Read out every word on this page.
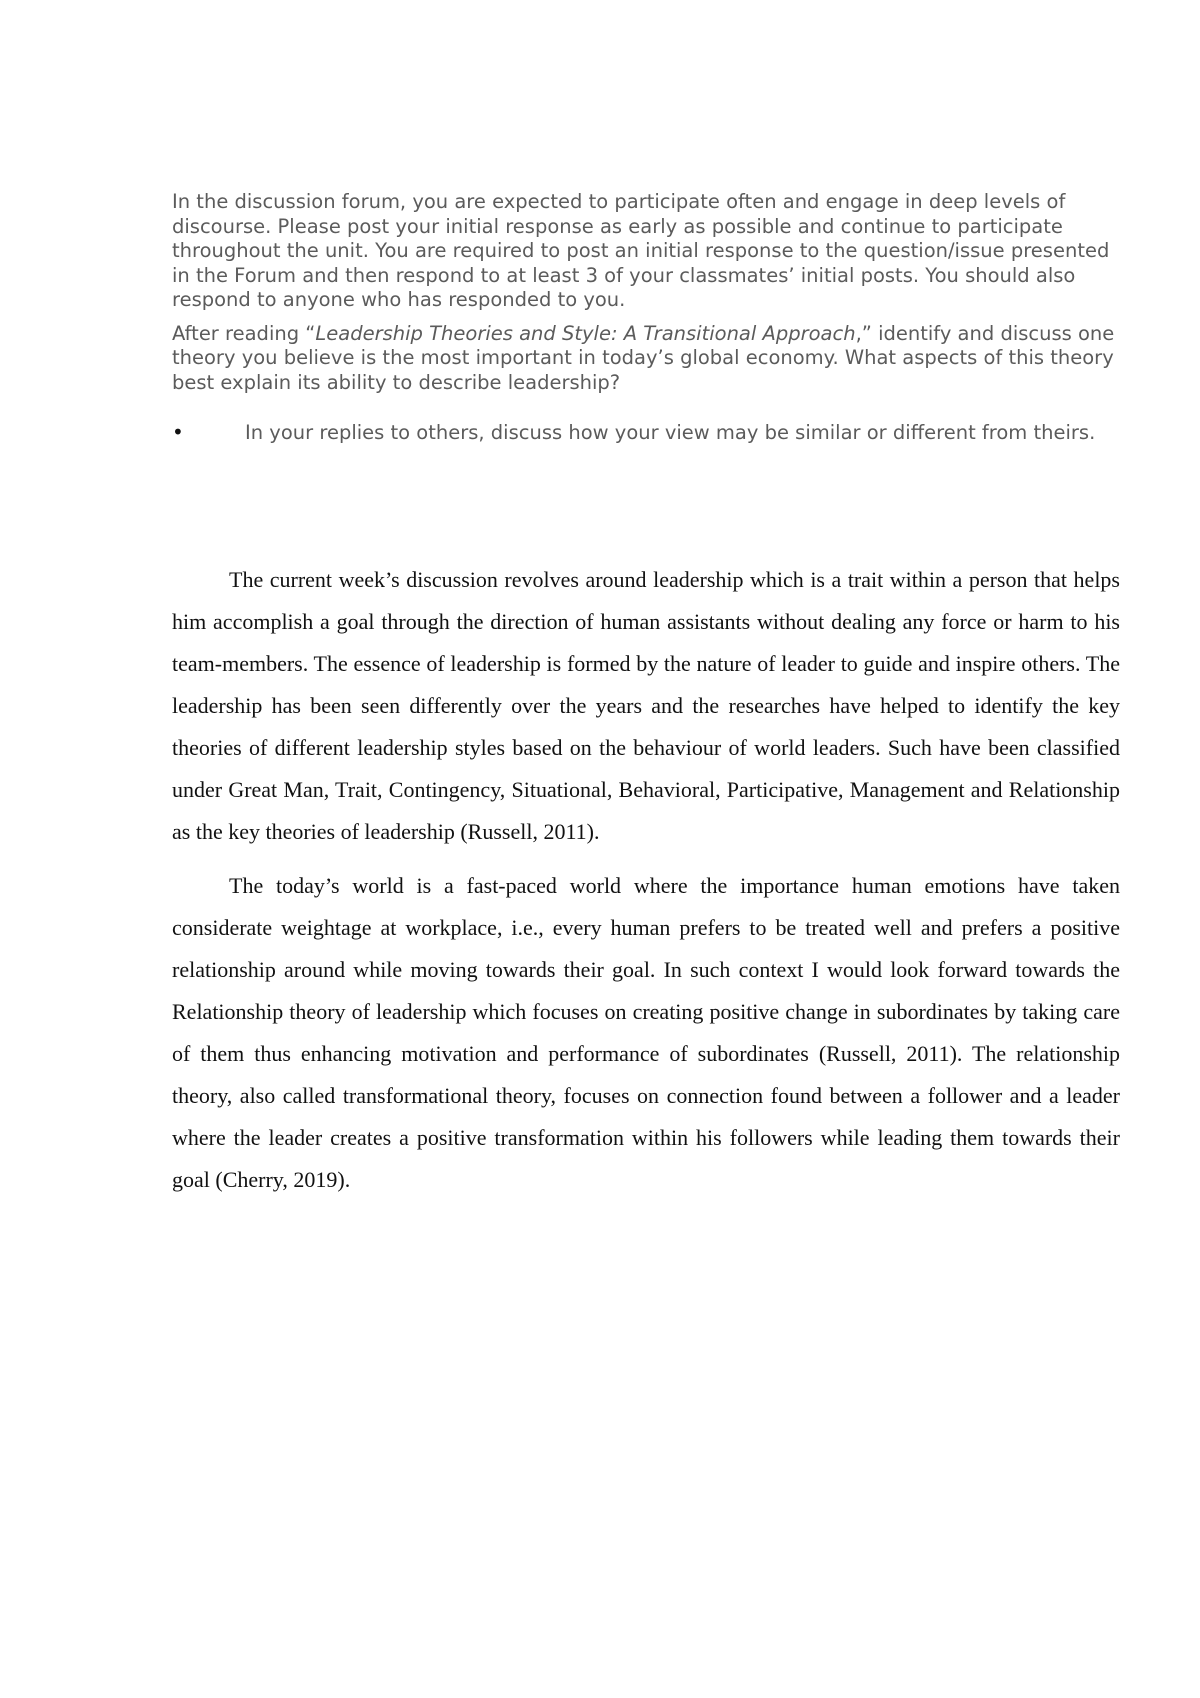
In the discussion forum, you are expected to participate often and engage in deep levels of discourse. Please post your initial response as early as possible and continue to participate throughout the unit. You are required to post an initial response to the question/issue presented in the Forum and then respond to at least 3 of your classmates’ initial posts. You should also respond to anyone who has responded to you.

After reading “Leadership Theories and Style: A Transitional Approach,” identify and discuss one theory you believe is the most important in today’s global economy. What aspects of this theory best explain its ability to describe leadership?

•	In your replies to others, discuss how your view may be similar or different from theirs.

The current week’s discussion revolves around leadership which is a trait within a person that helps him accomplish a goal through the direction of human assistants without dealing any force or harm to his team-members. The essence of leadership is formed by the nature of leader to guide and inspire others. The leadership has been seen differently over the years and the researches have helped to identify the key theories of different leadership styles based on the behaviour of world leaders. Such have been classified under Great Man, Trait, Contingency, Situational, Behavioral, Participative, Management and Relationship as the key theories of leadership (Russell, 2011).

The today’s world is a fast-paced world where the importance human emotions have taken considerate weightage at workplace, i.e., every human prefers to be treated well and prefers a positive relationship around while moving towards their goal. In such context I would look forward towards the Relationship theory of leadership which focuses on creating positive change in subordinates by taking care of them thus enhancing motivation and performance of subordinates (Russell, 2011). The relationship theory, also called transformational theory, focuses on connection found between a follower and a leader where the leader creates a positive transformation within his followers while leading them towards their goal (Cherry, 2019).
